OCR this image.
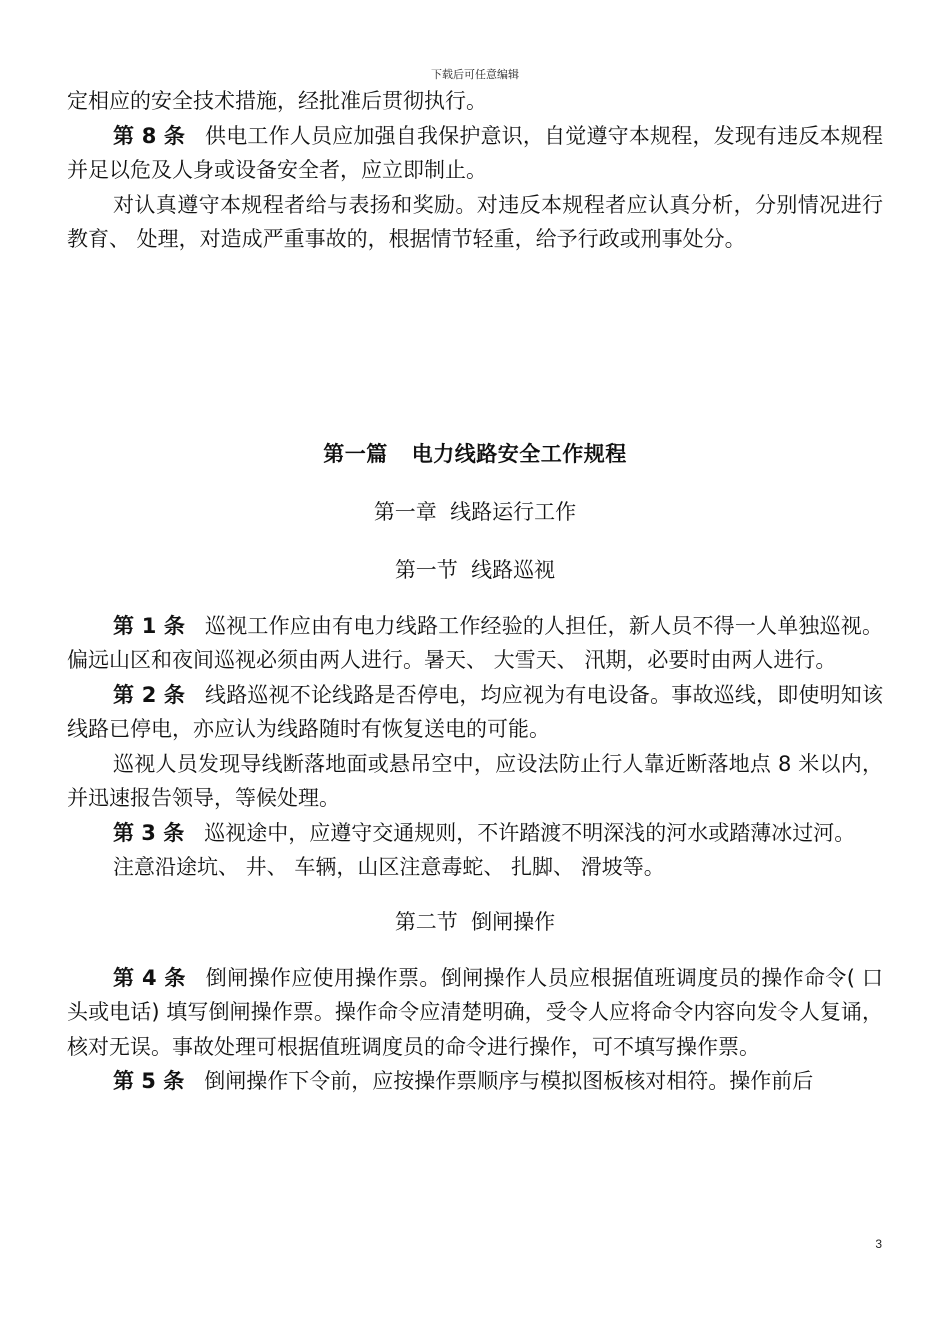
下载后可任意编辑

定相应的安全技术措施，经批准后贯彻执行。

第 8 条 供电工作人员应加强自我保护意识，自觉遵守本规程，发现有违反本规程并足以危及人身或设备安全者，应立即制止。

对认真遵守本规程者给与表扬和奖励。对违反本规程者应认真分析，分别情况进行教育、 处理，对造成严重事故的，根据情节轻重，给予行政或刑事处分。

第一篇 电力线路安全工作规程

第一章  线路运行工作

第一节  线路巡视

第 1 条 巡视工作应由有电力线路工作经验的人担任，新人员不得一人单独巡视。偏远山区和夜间巡视必须由两人进行。暑天、 大雪天、 汛期，必要时由两人进行。

第 2 条 线路巡视不论线路是否停电，均应视为有电设备。事故巡线，即使明知该线路已停电，亦应认为线路随时有恢复送电的可能。

巡视人员发现导线断落地面或悬吊空中，应设法防止行人靠近断落地点 8 米以内，并迅速报告领导，等候处理。

第 3 条 巡视途中，应遵守交通规则，不许踏渡不明深浅的河水或踏薄冰过河。

注意沿途坑、 井、 车辆，山区注意毒蛇、 扎脚、 滑坡等。

第二节  倒闸操作

第 4 条 倒闸操作应使用操作票。倒闸操作人员应根据值班调度员的操作命令( 口头或电话) 填写倒闸操作票。操作命令应清楚明确，受令人应将命令内容向发令人复诵，核对无误。事故处理可根据值班调度员的命令进行操作，可不填写操作票。

第 5 条 倒闸操作下令前，应按操作票顺序与模拟图板核对相符。操作前后

3
